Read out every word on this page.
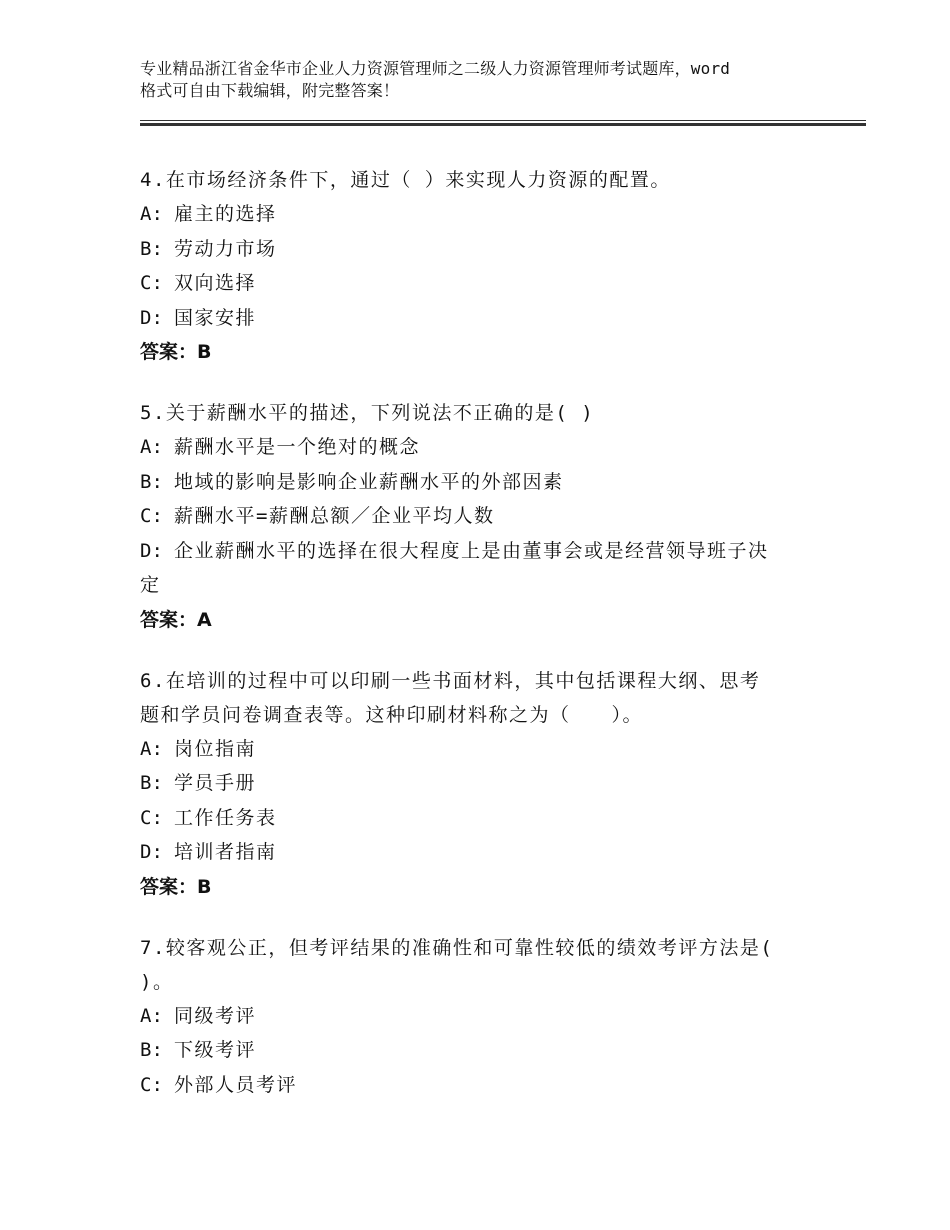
专业精品浙江省金华市企业人力资源管理师之二级人力资源管理师考试题库，word
格式可自由下载编辑，附完整答案！
4.在市场经济条件下，通过（ ）来实现人力资源的配置。
A: 雇主的选择
B: 劳动力市场
C: 双向选择
D: 国家安排
答案：B
5.关于薪酬水平的描述，下列说法不正确的是( )
A: 薪酬水平是一个绝对的概念
B: 地域的影响是影响企业薪酬水平的外部因素
C: 薪酬水平=薪酬总额／企业平均人数
D: 企业薪酬水平的选择在很大程度上是由董事会或是经营领导班子决
定
答案：A
6.在培训的过程中可以印刷一些书面材料，其中包括课程大纲、思考
题和学员问卷调查表等。这种印刷材料称之为（　　）。
A: 岗位指南
B: 学员手册
C: 工作任务表
D: 培训者指南
答案：B
7.较客观公正，但考评结果的准确性和可靠性较低的绩效考评方法是(
)。
A: 同级考评
B: 下级考评
C: 外部人员考评
